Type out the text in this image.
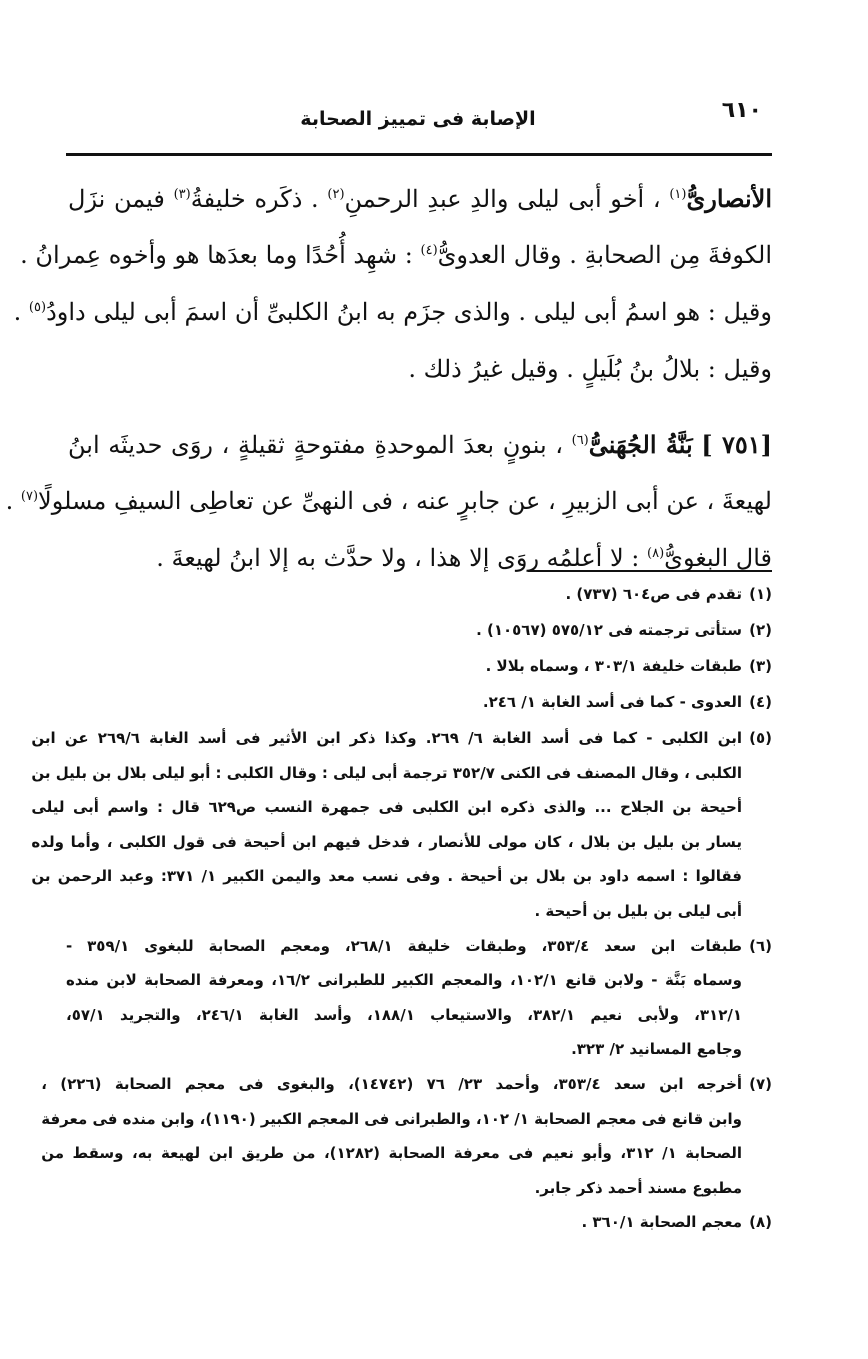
٦١٠
الإصابة فى تمييز الصحابة
الأنصارىُّ$^{(١)}$ ، أخو أبى ليلى والدِ عبدِ الرحمنِ$^{(٢)}$ . ذكَره خليفةُ$^{(٣)}$ فيمن نزَل
الكوفةَ مِن الصحابةِ . وقال العدوىُّ$^{(٤)}$ : شهِد أُحُدًا وما بعدَها هو وأخوه عِمرانُ .
وقيل : هو اسمُ أبى ليلى . والذى جزَم به ابنُ الكلبىِّ أن اسمَ أبى ليلى داودُ$^{(٥)}$ .
وقيل : بلالُ بنُ بُلَيلٍ . وقيل غيرُ ذلك .
[٧٥١ ] بَنَّةُ الجُهَنىُّ$^{(٦)}$ ، بنونٍ بعدَ الموحدةِ مفتوحةٍ ثقيلةٍ ، روَى حديثَه ابنُ
لهيعةَ ، عن أبى الزبيرِ ، عن جابرٍ عنه ، فى النهىِّ عن تعاطِى السيفِ مسلولًا$^{(٧)}$ .
قال البغوىُّ$^{(٨)}$ : لا أعلمُه روَى إلا هذا ، ولا حدَّث به إلا ابنُ لهيعةَ .
(١)
تقدم فى ص٦٠٤ (٧٣٧) .
(٢)
ستأتى ترجمته فى ٥٧٥/١٢ (١٠٥٦٧) .
(٣)
طبقات خليفة ٣٠٣/١ ، وسماه بلالا .
(٤)
العدوى - كما فى أسد الغابة ١/ ٢٤٦.
(٥)
ابن الكلبى - كما فى أسد الغابة ٦/ ٢٦٩. وكذا ذكر ابن الأثير فى أسد الغابة ٢٦٩/٦ عن ابن
الكلبى ، وقال المصنف فى الكنى ٣٥٢/٧ ترجمة أبى ليلى : وقال الكلبى : أبو ليلى بلال بن بليل بن
أحيحة بن الجلاح ... والذى ذكره ابن الكلبى فى جمهرة النسب ص٦٢٩ قال : واسم أبى ليلى
يسار بن بليل بن بلال ، كان مولى للأنصار ، فدخل فيهم ابن أحيحة فى قول الكلبى ، وأما ولده
فقالوا : اسمه داود بن بلال بن أحيحة . وفى نسب معد واليمن الكبير ١/ ٣٧١: وعبد الرحمن بن
أبى ليلى بن بليل بن أحيحة .
(٦)
طبقات ابن سعد ٣٥٣/٤، وطبقات خليفة ٢٦٨/١، ومعجم الصحابة للبغوى ٣٥٩/١ -
وسماه بَنَّة - ولابن قانع ١٠٢/١، والمعجم الكبير للطبرانى ١٦/٢، ومعرفة الصحابة لابن منده
٣١٢/١، ولأبى نعيم ٣٨٢/١، والاستيعاب ١٨٨/١، وأسد الغابة ٢٤٦/١، والتجريد ٥٧/١،
وجامع المسانيد ٢/ ٣٢٣.
(٧)
أخرجه ابن سعد ٣٥٣/٤، وأحمد ٢٣/ ٧٦ (١٤٧٤٢)، والبغوى فى معجم الصحابة (٢٢٦) ،
وابن قانع فى معجم الصحابة ١/ ١٠٢، والطبرانى فى المعجم الكبير (١١٩٠)، وابن منده فى معرفة
الصحابة ١/ ٣١٢، وأبو نعيم فى معرفة الصحابة (١٢٨٢)، من طريق ابن لهيعة به، وسقط من
مطبوع مسند أحمد ذكر جابر.
(٨)
معجم الصحابة ٣٦٠/١ .
